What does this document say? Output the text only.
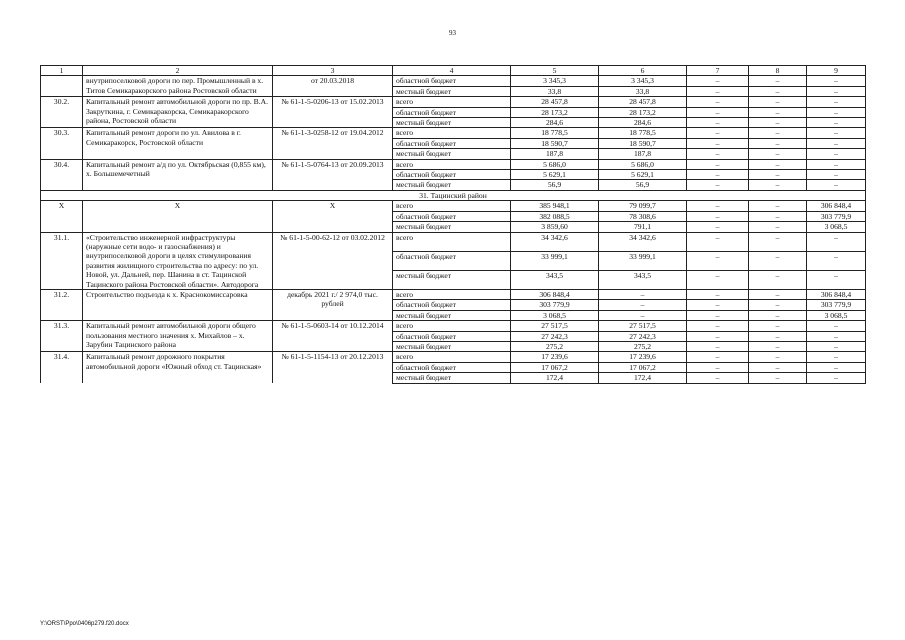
93
1	2	3	4	5	6	7	8	9
	внутрипоселковой дороги по пер. Промышленный в х. Титов Семикаракорского района Ростовской области	от 20.03.2018	областной бюджет	3 345,3	3 345,3	–	–	–
			местный бюджет	33,8	33,8	–	–	–
30.2.	Капитальный ремонт автомобильной дороги по пр. В.А. Закруткина, г. Семикаракорска, Семикаракорского района, Ростовской области	№ 61-1-5-0206-13 от 15.02.2013	всего	28 457,8	28 457,8	–	–	–
			областной бюджет	28 173,2	28 173,2	–	–	–
			местный бюджет	284,6	284,6	–	–	–
30.3.	Капитальный ремонт дороги по ул. Авилова в г. Семикаракорск, Ростовской области	№ 61-1-3-0258-12 от 19.04.2012	всего	18 778,5	18 778,5	–	–	–
			областной бюджет	18 590,7	18 590,7	–	–	–
			местный бюджет	187,8	187,8	–	–	–
30.4.	Капитальный ремонт а/д по ул. Октябрьская (0,855 км), х. Большемечетный	№ 61-1-5-0764-13 от 20.09.2013	всего	5 686,0	5 686,0	–	–	–
			областной бюджет	5 629,1	5 629,1	–	–	–
			местный бюджет	56,9	56,9	–	–	–
31. Тацинский район								
Х	Х	Х	всего	385 948,1	79 099,7	–	–	306 848,4
			областной бюджет	382 088,5	78 308,6	–	–	303 779,9
			местный бюджет	3 859,60	791,1	–	–	3 068,5
31.1.	«Строительство инженерной инфраструктуры (наружные сети водо- и газоснабжения) и внутрипоселковой дороги в целях стимулирования развития жилищного строительства по адресу: по ул. Новой, ул. Дальней, пер. Шанина в ст. Тацинской Тацинского района Ростовской области». Автодорога	№ 61-1-5-00-62-12 от 03.02.2012	всего	34 342,6	34 342,6	–	–	–
			областной бюджет	33 999,1	33 999,1	–	–	–
			местный бюджет	343,5	343,5	–	–	–
31.2.	Строительство подъезда к х. Краснокомиссаровка	декабрь 2021 г./ 2 974,0 тыс. рублей	всего	306 848,4	–	–	–	306 848,4
			областной бюджет	303 779,9	–	–	–	303 779,9
			местный бюджет	3 068,5	–	–	–	3 068,5
31.3.	Капитальный ремонт автомобильной дороги общего пользования местного значения х. Михайлов – х. Зарубин Тацинского района	№ 61-1-5-0603-14 от 10.12.2014	всего	27 517,5	27 517,5	–	–	–
			областной бюджет	27 242,3	27 242,3	–	–	–
			местный бюджет	275,2	275,2	–	–	–
31.4.	Капитальный ремонт дорожного покрытия автомобильной дороги «Южный обход ст. Тацинская»	№ 61-1-5-1154-13 от 20.12.2013	всего	17 239,6	17 239,6	–	–	–
			областной бюджет	17 067,2	17 067,2	–	–	–
			местный бюджет	172,4	172,4	–	–	–
Y:\ORST\Ppo\0406p279.f20.docx
